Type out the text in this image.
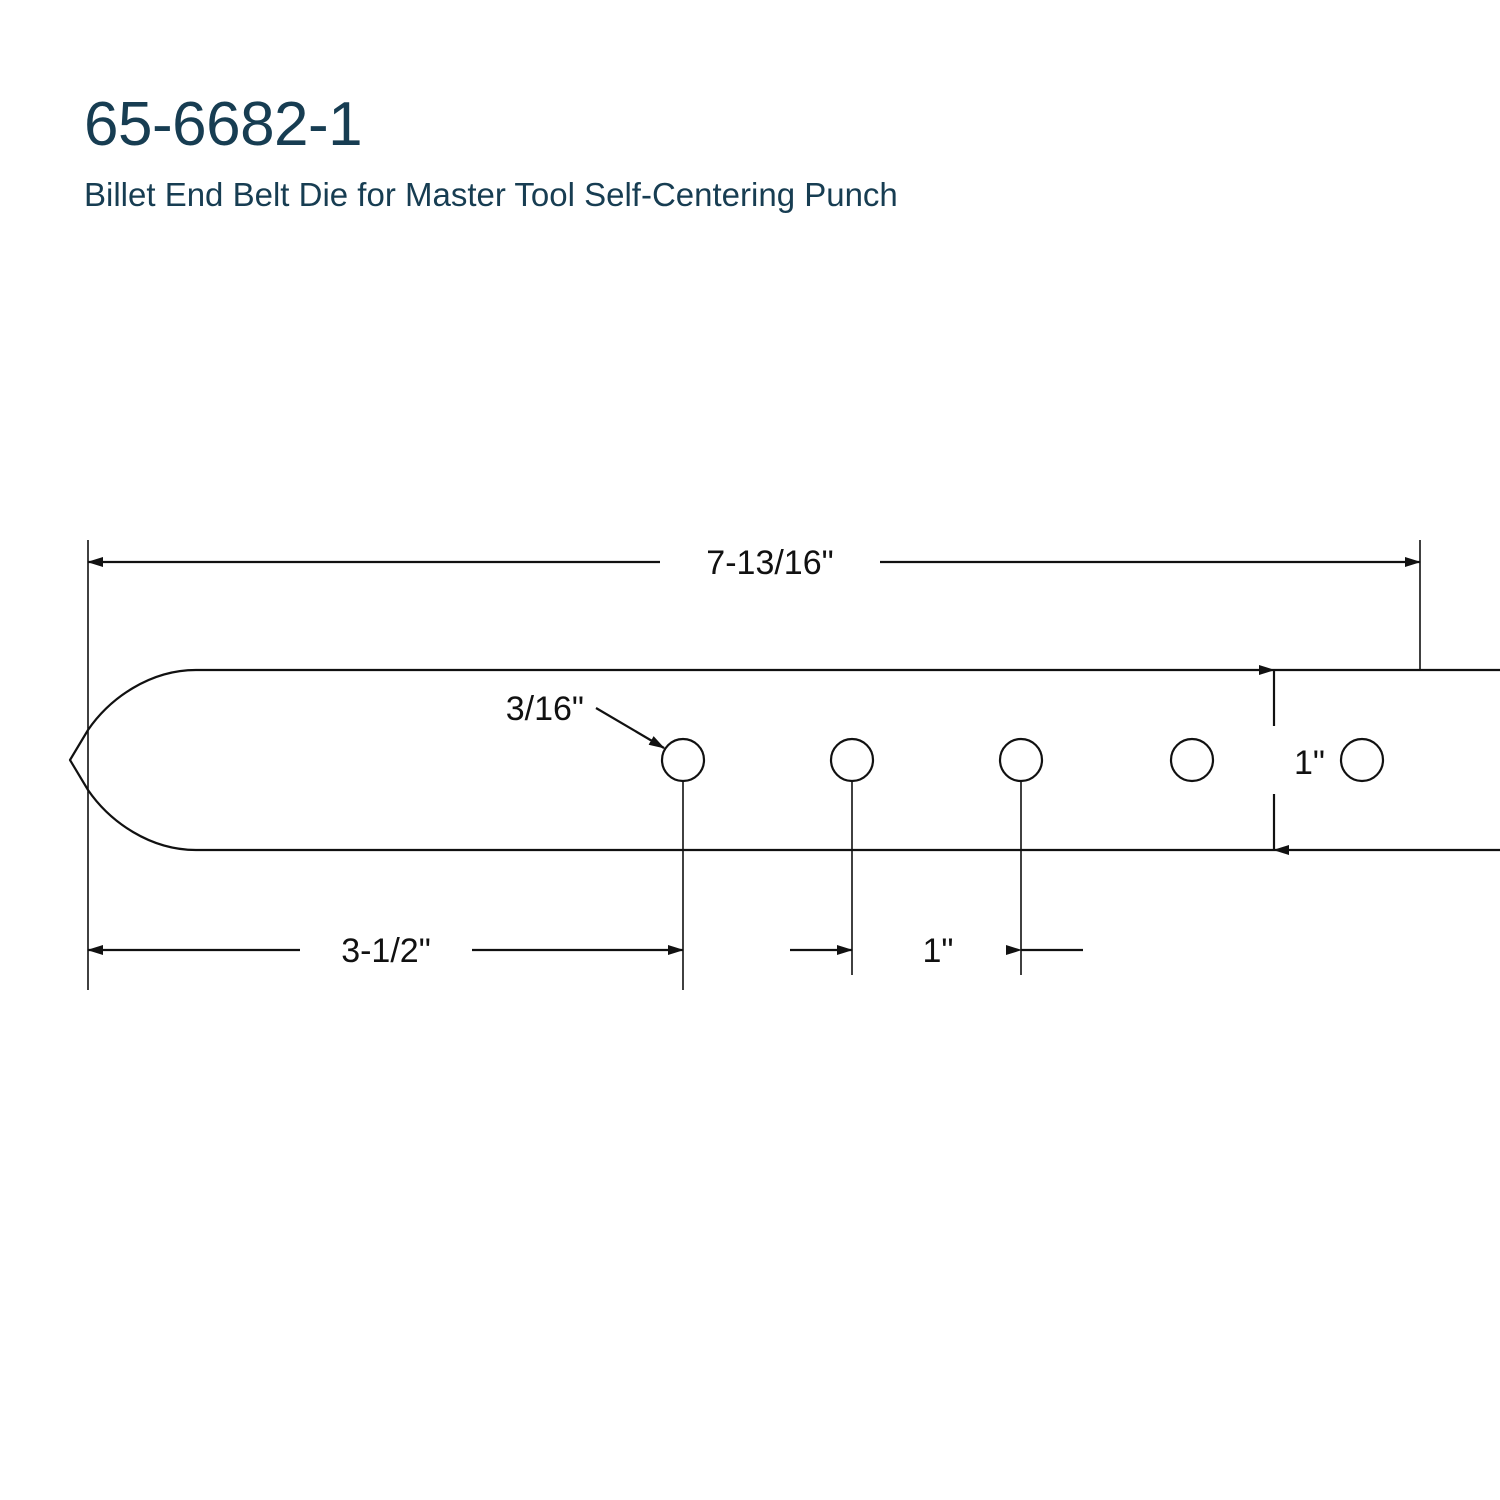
65-6682-1

Billet End Belt Die for Master Tool Self-Centering Punch

7-13/16"
3/16"
1"
3-1/2"	1"
